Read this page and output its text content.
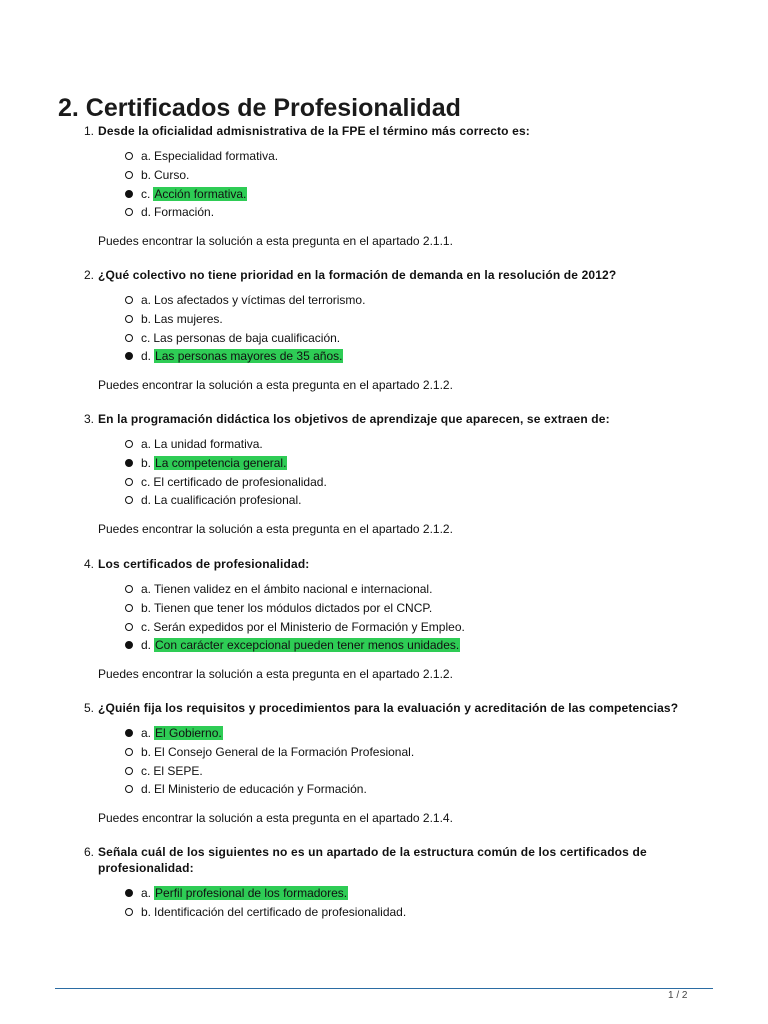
2. Certificados de Profesionalidad
1. Desde la oficialidad admisnistrativa de la FPE el término más correcto es:
a. Especialidad formativa.
b. Curso.
c. Acción formativa.
d. Formación.
Puedes encontrar la solución a esta pregunta en el apartado 2.1.1.
2. ¿Qué colectivo no tiene prioridad en la formación de demanda en la resolución de 2012?
a. Los afectados y víctimas del terrorismo.
b. Las mujeres.
c. Las personas de baja cualificación.
d. Las personas mayores de 35 años.
Puedes encontrar la solución a esta pregunta en el apartado 2.1.2.
3. En la programación didáctica los objetivos de aprendizaje que aparecen, se extraen de:
a. La unidad formativa.
b. La competencia general.
c. El certificado de profesionalidad.
d. La cualificación profesional.
Puedes encontrar la solución a esta pregunta en el apartado 2.1.2.
4. Los certificados de profesionalidad:
a. Tienen validez en el ámbito nacional e internacional.
b. Tienen que tener los módulos dictados por el CNCP.
c. Serán expedidos por el Ministerio de Formación y Empleo.
d. Con carácter excepcional pueden tener menos unidades.
Puedes encontrar la solución a esta pregunta en el apartado 2.1.2.
5. ¿Quién fija los requisitos y procedimientos para la evaluación y acreditación de las competencias?
a. El Gobierno.
b. El Consejo General de la Formación Profesional.
c. El SEPE.
d. El Ministerio de educación y Formación.
Puedes encontrar la solución a esta pregunta en el apartado 2.1.4.
6. Señala cuál de los siguientes no es un apartado de la estructura común de los certificados de profesionalidad:
a. Perfil profesional de los formadores.
b. Identificación del certificado de profesionalidad.
1 / 2
